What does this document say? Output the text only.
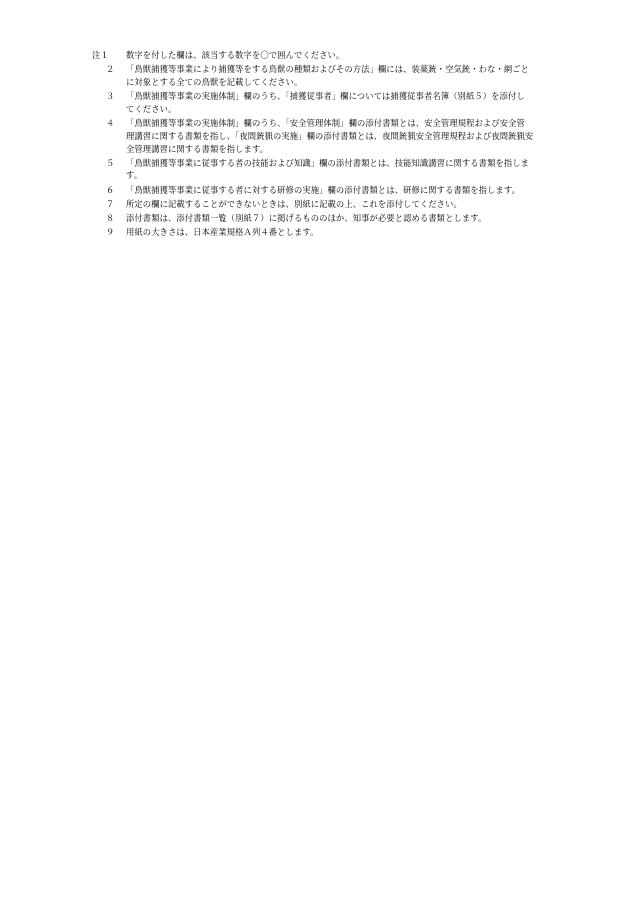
注１	数字を付した欄は、該当する数字を〇で囲んでください。
２	「鳥獣捕獲等事業により捕獲等をする鳥獣の種類およびその方法」欄には、装薬銃・空気銃・わな・網ごと
に対象とする全ての鳥獣を記載してください。
３	「鳥獣捕獲等事業の実施体制」欄のうち、「捕獲従事者」欄については捕獲従事者名簿（別紙５）を添付し
てください。
４	「鳥獣捕獲等事業の実施体制」欄のうち、「安全管理体制」欄の添付書類とは、安全管理規程および安全管
理講習に関する書類を指し、「夜間銃猟の実施」欄の添付書類とは、夜間銃猟安全管理規程および夜間銃猟安
全管理講習に関する書類を指します。
５	「鳥獣捕獲等事業に従事する者の技能および知識」欄の添付書類とは、技能知識講習に関する書類を指しま
す。
６	「鳥獣捕獲等事業に従事する者に対する研修の実施」欄の添付書類とは、研修に関する書類を指します。
７	所定の欄に記載することができないときは、別紙に記載の上、これを添付してください。
８	添付書類は、添付書類一覧（別紙７）に掲げるもののほか、知事が必要と認める書類とします。
９	用紙の大きさは、日本産業規格Ａ列４番とします。
